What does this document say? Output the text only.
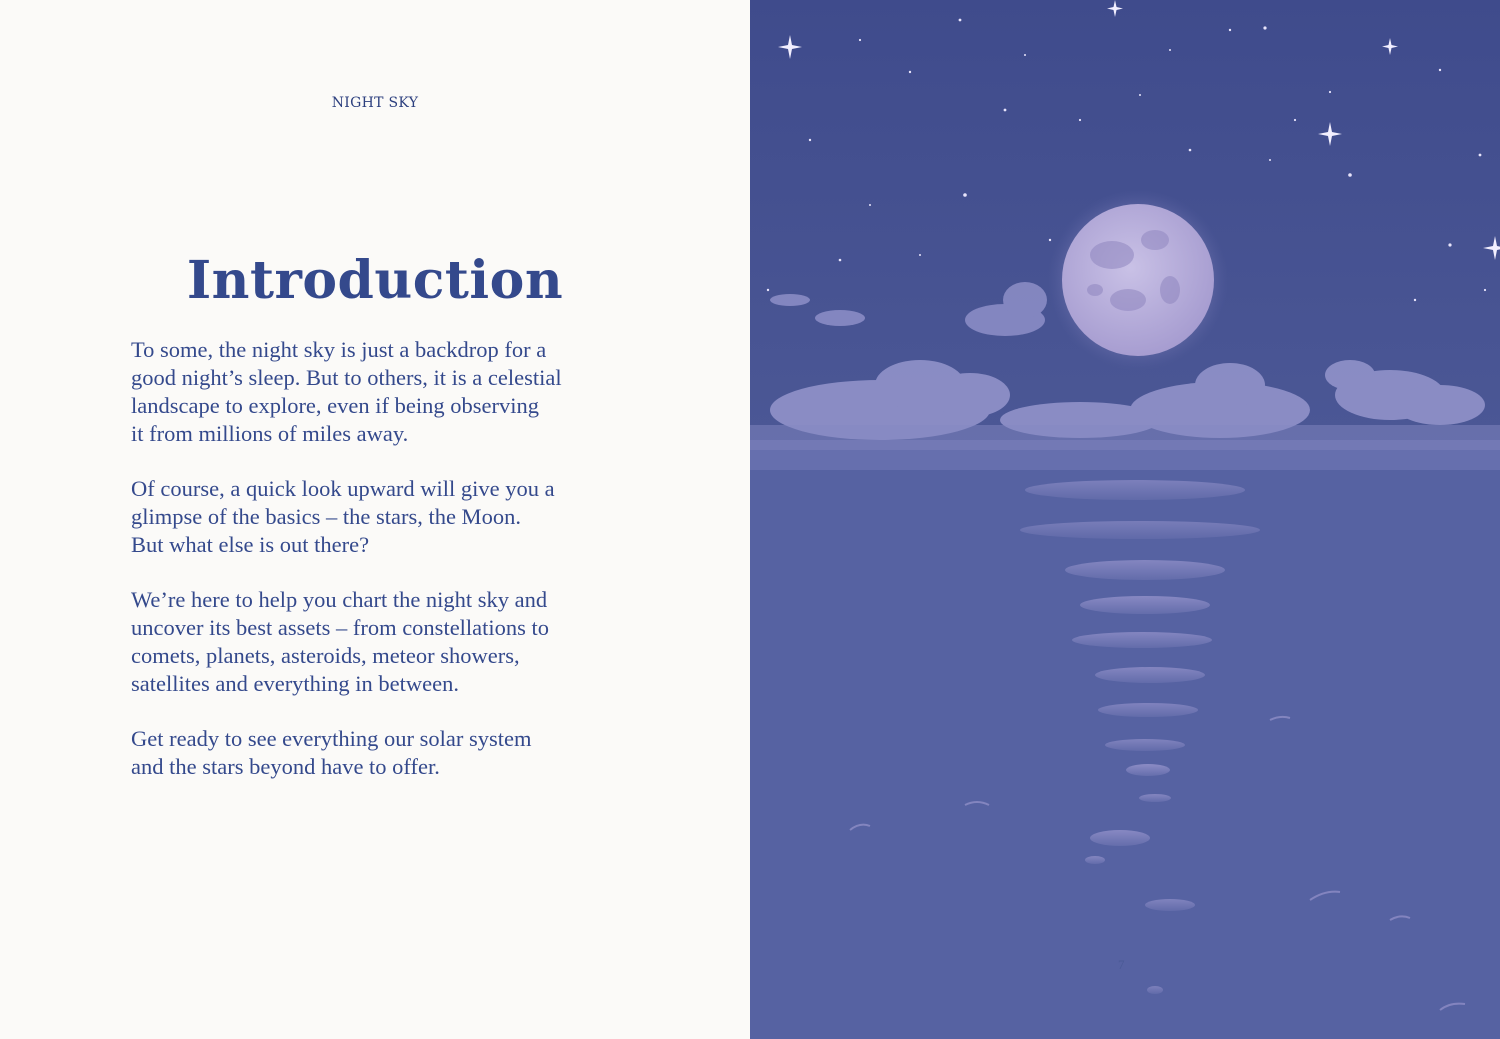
NIGHT SKY
Introduction

To some, the night sky is just a backdrop for a
good night’s sleep. But to others, it is a celestial
landscape to explore, even if being observing
it from millions of miles away.

Of course, a quick look upward will give you a
glimpse of the basics – the stars, the Moon.
But what else is out there?

We’re here to help you chart the night sky and
uncover its best assets – from constellations to
comets, planets, asteroids, meteor showers,
satellites and everything in between.

Get ready to see everything our solar system
and the stars beyond have to offer.

7
